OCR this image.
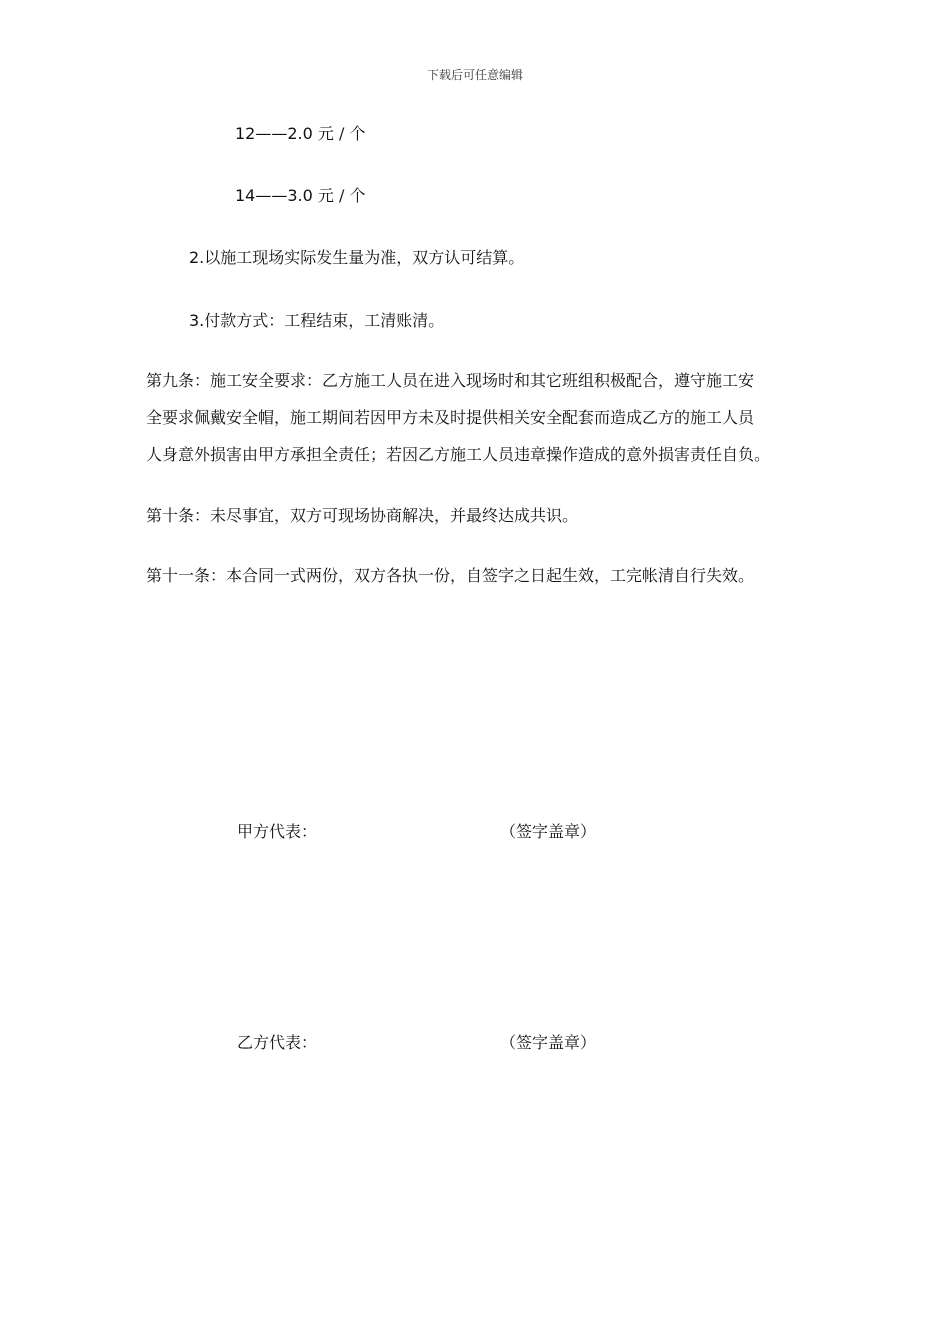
下载后可任意编辑
12——2.0 元 / 个
14——3.0 元 / 个
2.以施工现场实际发生量为准，双方认可结算。
3.付款方式：工程结束，工清账清。
第九条：施工安全要求：乙方施工人员在进入现场时和其它班组积极配合，遵守施工安
全要求佩戴安全帽，施工期间若因甲方未及时提供相关安全配套而造成乙方的施工人员
人身意外损害由甲方承担全责任；若因乙方施工人员违章操作造成的意外损害责任自负。
第十条：未尽事宜，双方可现场协商解决，并最终达成共识。
第十一条：本合同一式两份，双方各执一份，自签字之日起生效，工完帐清自行失效。
甲方代表：	（签字盖章）
乙方代表：	（签字盖章）
